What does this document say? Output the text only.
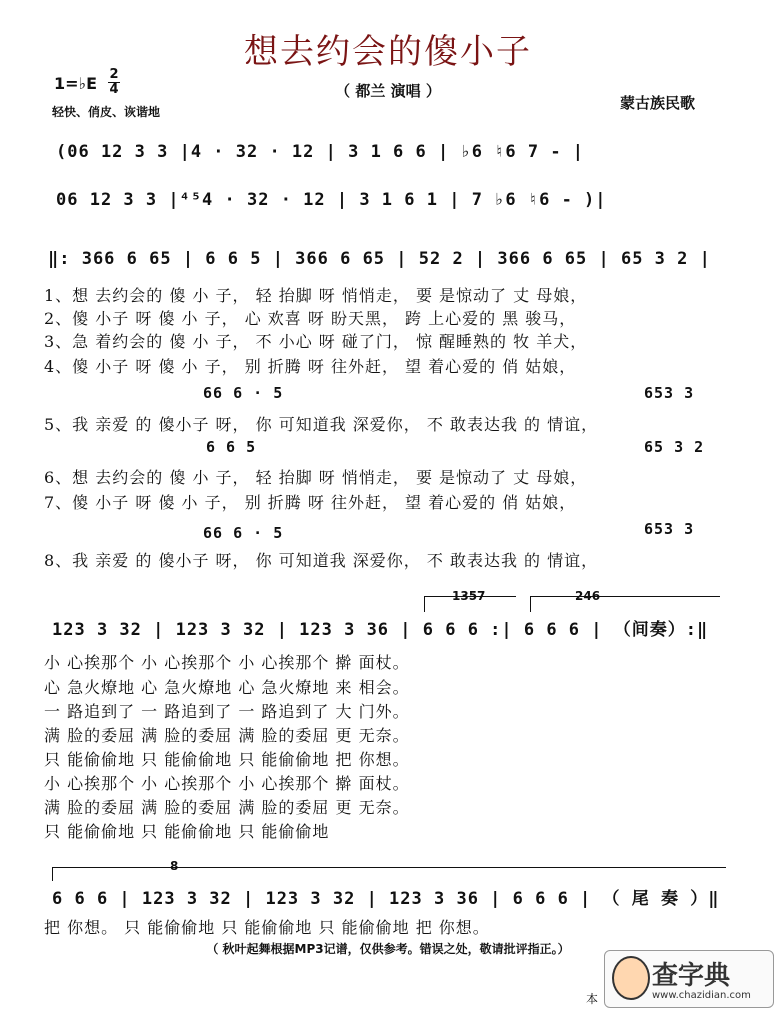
想去约会的傻小子
（ 都兰 演唱 ）
1=♭E 2
4
轻快、俏皮、诙谐地	蒙古族民歌
(06 12 3 3 |4 · 32 · 12 | 3 1 6 6 | ♭6 ♮6 7 - |
06 12 3 3 |⁴⁵4 · 32 · 12 | 3 1 6 1 | 7 ♭6 ♮6 - )|
‖: 366 6 65 | 6 6 5 | 366 6 65 | 52 2 | 366 6 65 | 65 3 2 |
1、想 去约会的 傻 小 子， 轻 抬脚 呀 悄悄走， 要 是惊动了 丈 母娘，
2、傻 小子 呀 傻 小 子， 心 欢喜 呀 盼天黑， 跨 上心爱的 黑 骏马，
3、急 着约会的 傻 小 子， 不 小心 呀 碰了门， 惊 醒睡熟的 牧 羊犬，
4、傻 小子 呀 傻 小 子， 别 折腾 呀 往外赶， 望 着心爱的 俏 姑娘，
66 6 · 5	653 3
5、我 亲爱 的 傻小子 呀， 你 可知道我 深爱你， 不 敢表达我 的 情谊，
6 6 5	65 3 2
6、想 去约会的 傻 小 子， 轻 抬脚 呀 悄悄走， 要 是惊动了 丈 母娘，
7、傻 小子 呀 傻 小 子， 别 折腾 呀 往外赶， 望 着心爱的 俏 姑娘，
66 6 · 5	653 3
8、我 亲爱 的 傻小子 呀， 你 可知道我 深爱你， 不 敢表达我 的 情谊，
1357	246
123 3 32 | 123 3 32 | 123 3 36 | 6 6 6 :| 6 6 6 | （间奏）:‖
小 心挨那个 小 心挨那个 小 心挨那个 擀 面杖。
心 急火燎地 心 急火燎地 心 急火燎地 来 相会。
一 路追到了 一 路追到了 一 路追到了 大 门外。
满 脸的委屈 满 脸的委屈 满 脸的委屈 更 无奈。
只 能偷偷地 只 能偷偷地 只 能偷偷地 把 你想。
小 心挨那个 小 心挨那个 小 心挨那个 擀 面杖。
满 脸的委屈 满 脸的委屈 满 脸的委屈 更 无奈。
只 能偷偷地 只 能偷偷地 只 能偷偷地
8
6 6 6 | 123 3 32 | 123 3 32 | 123 3 36 | 6 6 6 | （ 尾 奏 ）‖
把 你想。 只 能偷偷地 只 能偷偷地 只 能偷偷地 把 你想。
（ 秋叶起舞根据MP3记谱，仅供参考。错误之处，敬请批评指正。）
本
查字典
www.chazidian.com
